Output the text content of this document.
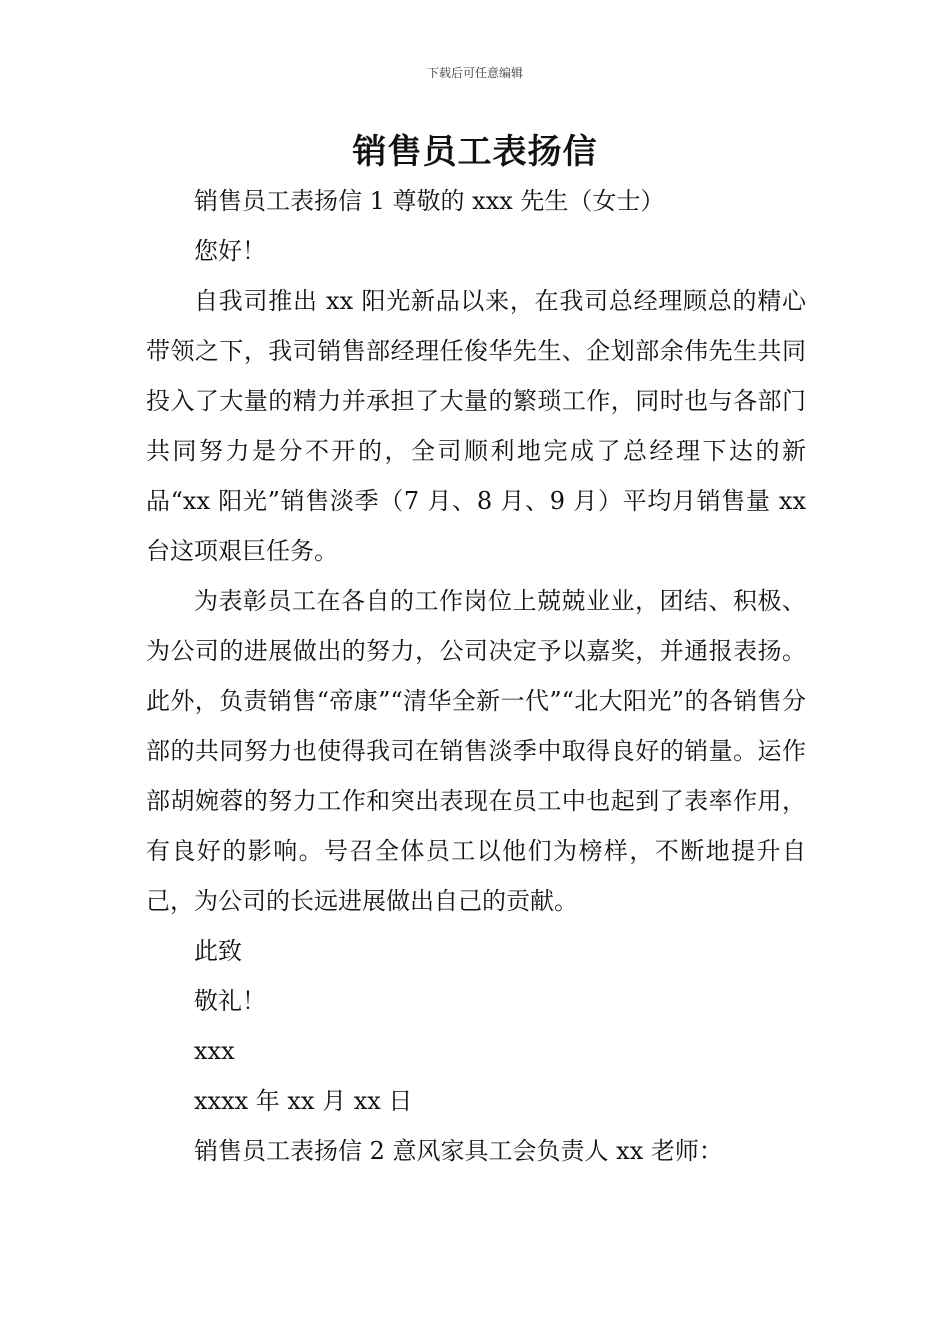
下载后可任意编辑
销售员工表扬信

销售员工表扬信 1 尊敬的 xxx 先生（女士）

您好！

自我司推出 xx 阳光新品以来，在我司总经理顾总的精心带领之下，我司销售部经理任俊华先生、企划部余伟先生共同投入了大量的精力并承担了大量的繁琐工作，同时也与各部门共同努力是分不开的，全司顺利地完成了总经理下达的新品“xx 阳光”销售淡季（7 月、8 月、9 月）平均月销售量 xx 台这项艰巨任务。

为表彰员工在各自的工作岗位上兢兢业业，团结、积极、为公司的进展做出的努力，公司决定予以嘉奖，并通报表扬。此外，负责销售“帝康”“清华全新一代”“北大阳光”的各销售分部的共同努力也使得我司在销售淡季中取得良好的销量。运作部胡婉蓉的努力工作和突出表现在员工中也起到了表率作用，有良好的影响。号召全体员工以他们为榜样，不断地提升自己，为公司的长远进展做出自己的贡献。

此致

敬礼！

xxx

xxxx 年 xx 月 xx 日

销售员工表扬信 2 意风家具工会负责人 xx 老师：
